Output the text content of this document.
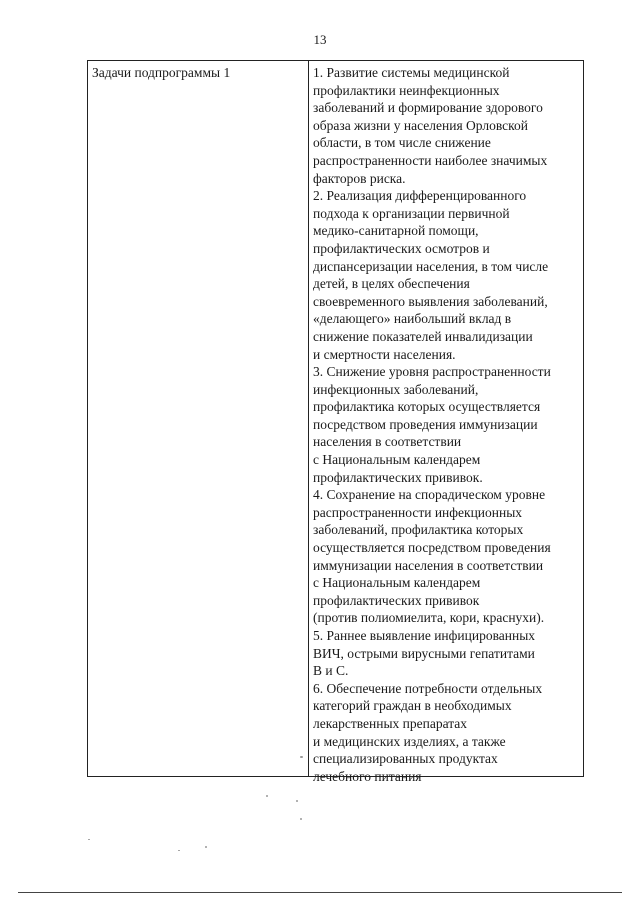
13
Задачи подпрограммы 1	1. Развитие системы медицинской
профилактики неинфекционных
заболеваний и формирование здорового
образа жизни у населения Орловской
области, в том числе снижение
распространенности наиболее значимых
факторов риска.
2. Реализация дифференцированного
подхода к организации первичной
медико-санитарной помощи,
профилактических осмотров и
диспансеризации населения, в том числе
детей, в целях обеспечения
своевременного выявления заболеваний,
«делающего» наибольший вклад в
снижение показателей инвалидизации
и смертности населения.
3. Снижение уровня распространенности
инфекционных заболеваний,
профилактика которых осуществляется
посредством проведения иммунизации
населения в соответствии
с Национальным календарем
профилактических прививок.
4. Сохранение на спорадическом уровне
распространенности инфекционных
заболеваний, профилактика которых
осуществляется посредством проведения
иммунизации населения в соответствии
с Национальным календарем
профилактических прививок
(против полиомиелита, кори, краснухи).
5. Раннее выявление инфицированных
ВИЧ, острыми вирусными гепатитами
В и С.
6. Обеспечение потребности отдельных
категорий граждан в необходимых
лекарственных препаратах
и медицинских изделиях, а также
специализированных продуктах
лечебного питания
